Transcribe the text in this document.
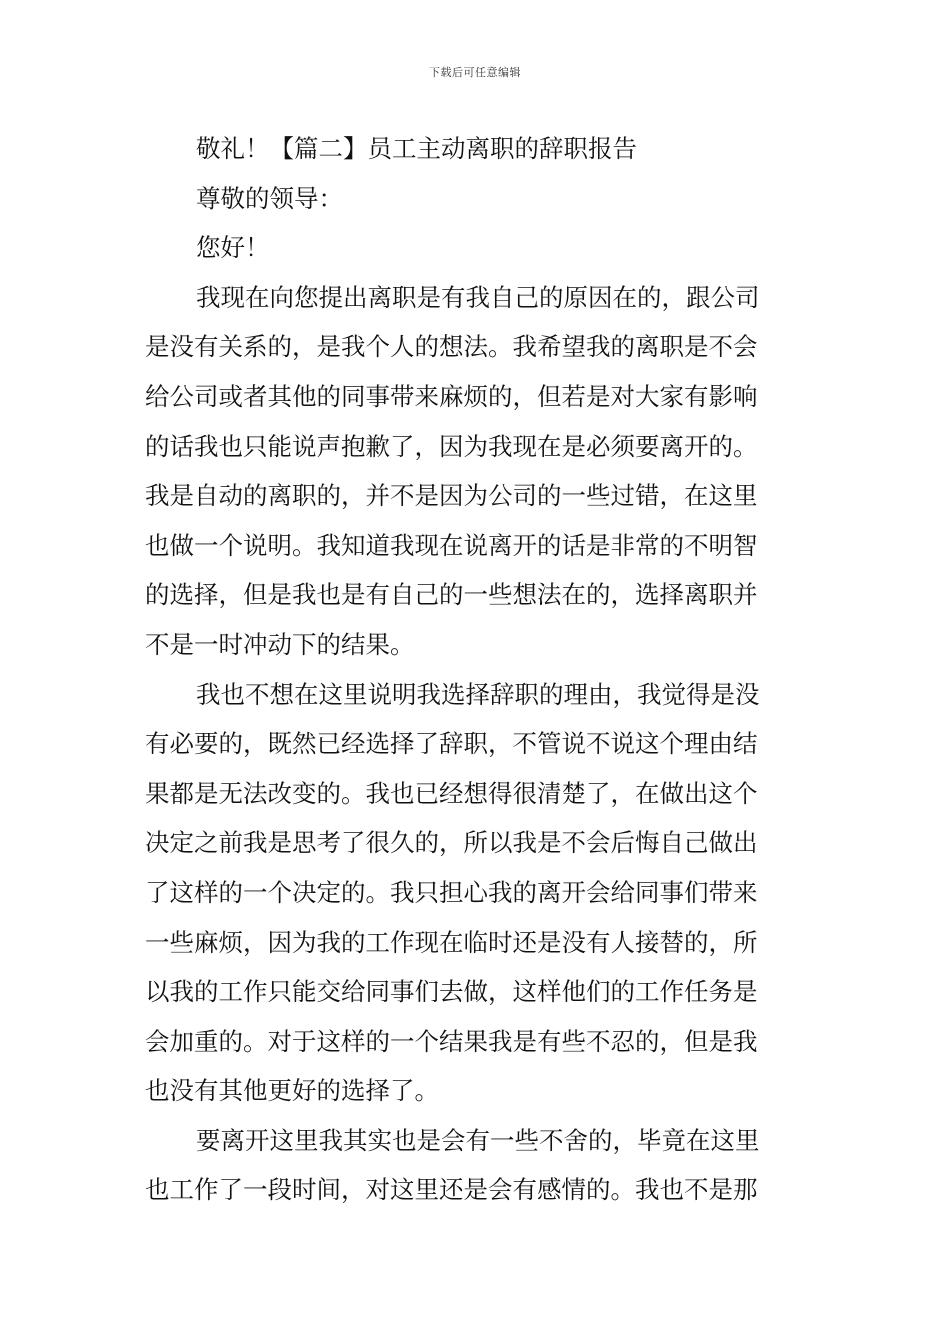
下载后可任意编辑
敬礼！【篇二】员工主动离职的辞职报告
尊敬的领导：
您好！
我现在向您提出离职是有我自己的原因在的，跟公司
是没有关系的，是我个人的想法。我希望我的离职是不会
给公司或者其他的同事带来麻烦的，但若是对大家有影响
的话我也只能说声抱歉了，因为我现在是必须要离开的。
我是自动的离职的，并不是因为公司的一些过错，在这里
也做一个说明。我知道我现在说离开的话是非常的不明智
的选择，但是我也是有自己的一些想法在的，选择离职并
不是一时冲动下的结果。
我也不想在这里说明我选择辞职的理由，我觉得是没
有必要的，既然已经选择了辞职，不管说不说这个理由结
果都是无法改变的。我也已经想得很清楚了，在做出这个
决定之前我是思考了很久的，所以我是不会后悔自己做出
了这样的一个决定的。我只担心我的离开会给同事们带来
一些麻烦，因为我的工作现在临时还是没有人接替的，所
以我的工作只能交给同事们去做，这样他们的工作任务是
会加重的。对于这样的一个结果我是有些不忍的，但是我
也没有其他更好的选择了。
要离开这里我其实也是会有一些不舍的，毕竟在这里
也工作了一段时间，对这里还是会有感情的。我也不是那
